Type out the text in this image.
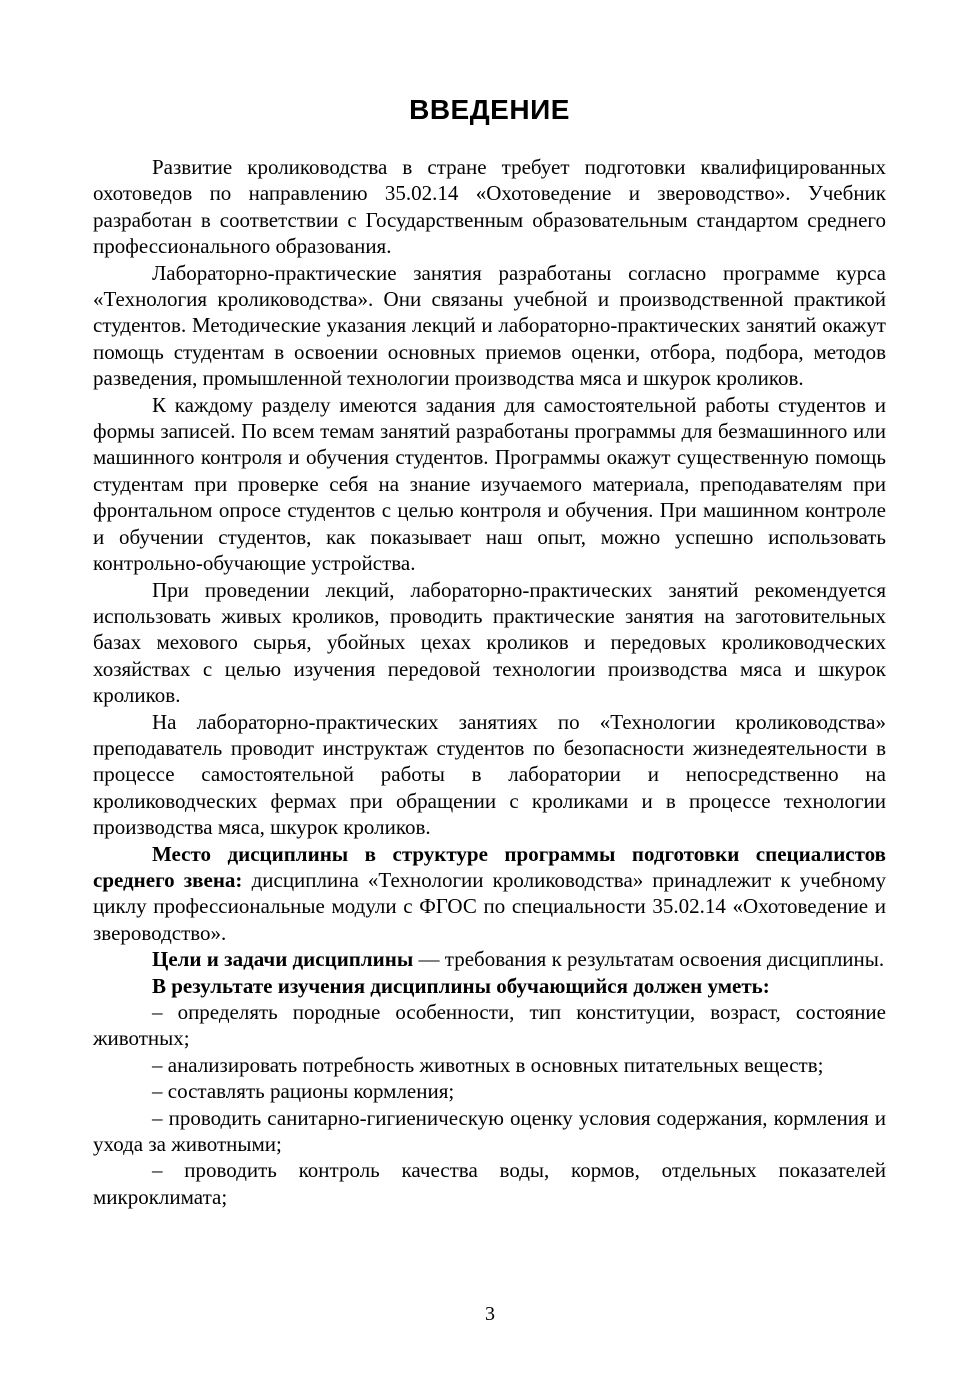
ВВЕДЕНИЕ

Развитие кролиководства в стране требует подготовки квалифицированных охотоведов по направлению 35.02.14 «Охотоведение и звероводство». Учебник разработан в соответствии с Государственным образовательным стандартом среднего профессионального образования.

Лабораторно-практические занятия разработаны согласно программе курса «Технология кролиководства». Они связаны учебной и производственной практикой студентов. Методические указания лекций и лабораторно-практических занятий окажут помощь студентам в освоении основных приемов оценки, отбора, подбора, методов разведения, промышленной технологии производства мяса и шкурок кроликов.

К каждому разделу имеются задания для самостоятельной работы студентов и формы записей. По всем темам занятий разработаны программы для безмашинного или машинного контроля и обучения студентов. Программы окажут существенную помощь студентам при проверке себя на знание изучаемого материала, преподавателям при фронтальном опросе студентов с целью контроля и обучения. При машинном контроле и обучении студентов, как показывает наш опыт, можно успешно использовать контрольно-обучающие устройства.

При проведении лекций, лабораторно-практических занятий рекомендуется использовать живых кроликов, проводить практические занятия на заготовительных базах мехового сырья, убойных цехах кроликов и передовых кролиководческих хозяйствах с целью изучения передовой технологии производства мяса и шкурок кроликов.

На лабораторно-практических занятиях по «Технологии кролиководства» преподаватель проводит инструктаж студентов по безопасности жизнедеятельности в процессе самостоятельной работы в лаборатории и непосредственно на кролиководческих фермах при обращении с кроликами и в процессе технологии производства мяса, шкурок кроликов.

Место дисциплины в структуре программы подготовки специалистов среднего звена: дисциплина «Технологии кролиководства» принадлежит к учебному циклу профессиональные модули с ФГОС по специальности 35.02.14 «Охотоведение и звероводство».

Цели и задачи дисциплины — требования к результатам освоения дисциплины.

В результате изучения дисциплины обучающийся должен уметь:

– определять породные особенности, тип конституции, возраст, состояние животных;

– анализировать потребность животных в основных питательных веществ;

– составлять рационы кормления;

– проводить санитарно-гигиеническую оценку условия содержания, кормления и ухода за животными;

– проводить контроль качества воды, кормов, отдельных показателей микроклимата;

3
